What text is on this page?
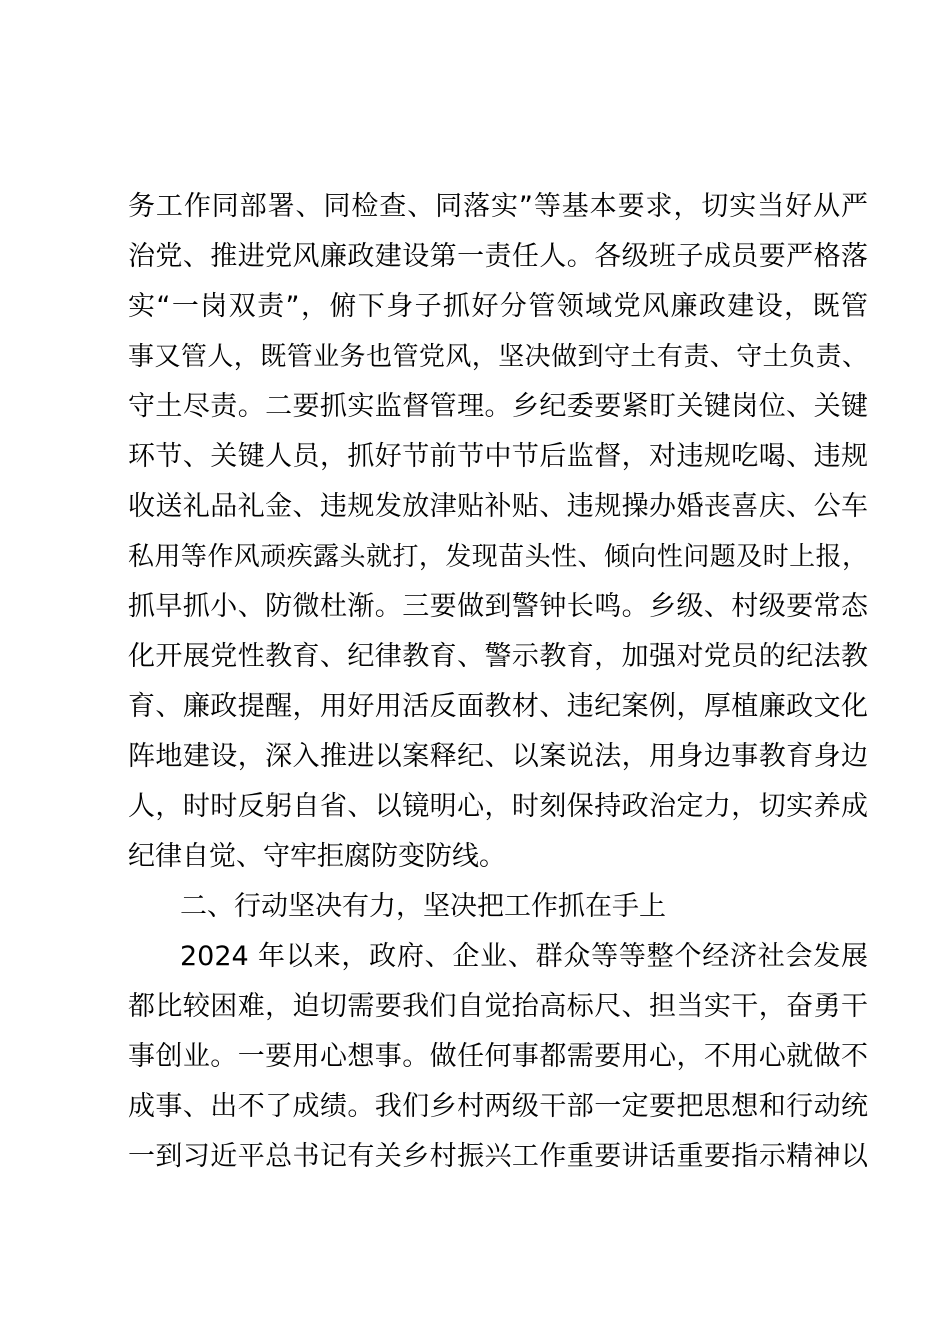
务工作同部署、同检查、同落实”等基本要求，切实当好从严
治党、推进党风廉政建设第一责任人。各级班子成员要严格落
实“一岗双责”，俯下身子抓好分管领域党风廉政建设，既管
事又管人，既管业务也管党风，坚决做到守土有责、守土负责、
守土尽责。二要抓实监督管理。乡纪委要紧盯关键岗位、关键
环节、关键人员，抓好节前节中节后监督，对违规吃喝、违规
收送礼品礼金、违规发放津贴补贴、违规操办婚丧喜庆、公车
私用等作风顽疾露头就打，发现苗头性、倾向性问题及时上报，
抓早抓小、防微杜渐。三要做到警钟长鸣。乡级、村级要常态
化开展党性教育、纪律教育、警示教育，加强对党员的纪法教
育、廉政提醒，用好用活反面教材、违纪案例，厚植廉政文化
阵地建设，深入推进以案释纪、以案说法，用身边事教育身边
人，时时反躬自省、以镜明心，时刻保持政治定力，切实养成
纪律自觉、守牢拒腐防变防线。
二、行动坚决有力，坚决把工作抓在手上
2024 年以来，政府、企业、群众等等整个经济社会发展
都比较困难，迫切需要我们自觉抬高标尺、担当实干，奋勇干
事创业。一要用心想事。做任何事都需要用心，不用心就做不
成事、出不了成绩。我们乡村两级干部一定要把思想和行动统
一到习近平总书记有关乡村振兴工作重要讲话重要指示精神以
